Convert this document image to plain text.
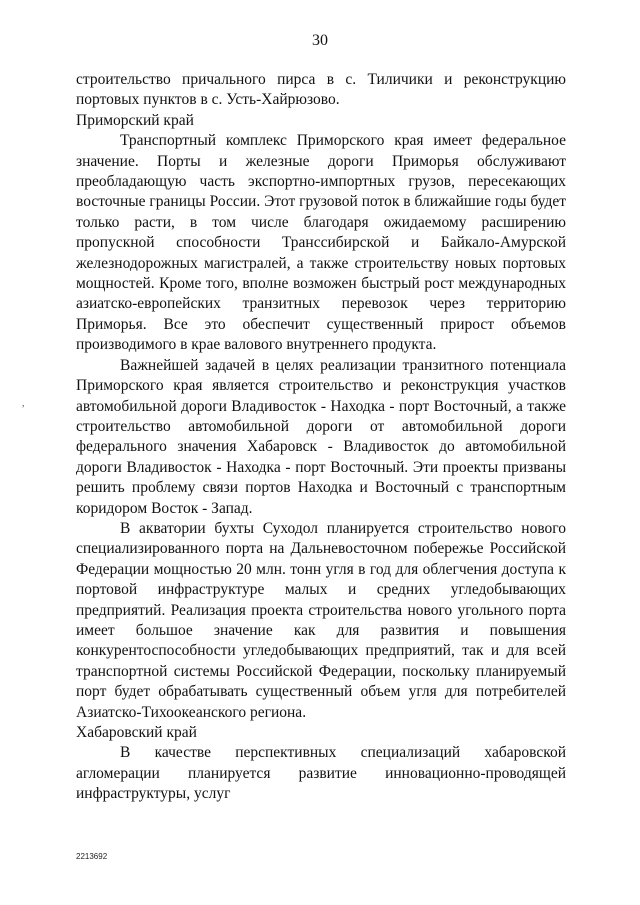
30
,

строительство причального пирса в с. Тиличики и реконструкцию портовых пунктов в с. Усть-Хайрюзово.

Приморский край

Транспортный комплекс Приморского края имеет федеральное значение. Порты и железные дороги Приморья обслуживают преобладающую часть экспортно-импортных грузов, пересекающих восточные границы России. Этот грузовой поток в ближайшие годы будет только расти, в том числе благодаря ожидаемому расширению пропускной способности Транссибирской и Байкало-Амурской железнодорожных магистралей, а также строительству новых портовых мощностей. Кроме того, вполне возможен быстрый рост международных азиатско-европейских транзитных перевозок через территорию Приморья. Все это обеспечит существенный прирост объемов производимого в крае валового внутреннего продукта.

Важнейшей задачей в целях реализации транзитного потенциала Приморского края является строительство и реконструкция участков автомобильной дороги Владивосток - Находка - порт Восточный, а также строительство автомобильной дороги от автомобильной дороги федерального значения Хабаровск - Владивосток до автомобильной дороги Владивосток - Находка - порт Восточный. Эти проекты призваны решить проблему связи портов Находка и Восточный с транспортным коридором Восток - Запад.

В акватории бухты Суходол планируется строительство нового специализированного порта на Дальневосточном побережье Российской Федерации мощностью 20 млн. тонн угля в год для облегчения доступа к портовой инфраструктуре малых и средних угледобывающих предприятий. Реализация проекта строительства нового угольного порта имеет большое значение как для развития и повышения конкурентоспособности угледобывающих предприятий, так и для всей транспортной системы Российской Федерации, поскольку планируемый порт будет обрабатывать существенный объем угля для потребителей Азиатско-Тихоокеанского региона.

Хабаровский край

В качестве перспективных специализаций хабаровской агломерации планируется развитие инновационно-проводящей инфраструктуры, услуг

2213692
